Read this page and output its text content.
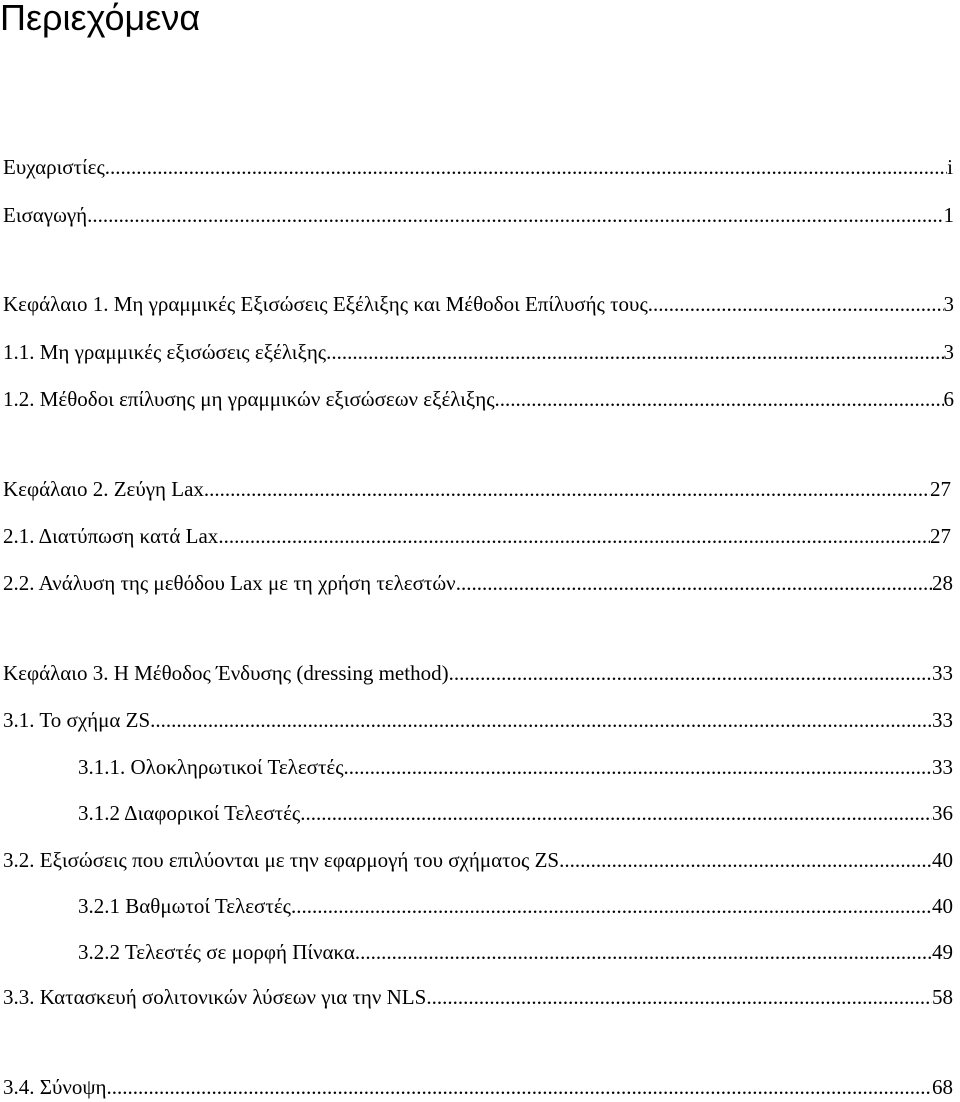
Περιεχόμενα
Ευχαριστίες .....	i
Εισαγωγή .....	1
Κεφάλαιο 1. Μη γραμμικές Εξισώσεις Εξέλιξης και Μέθοδοι Επίλυσής τους .....	3
1.1. Μη γραμμικές εξισώσεις εξέλιξης .....	3
1.2. Μέθοδοι επίλυσης μη γραμμικών εξισώσεων εξέλιξης .....	6
Κεφάλαιο 2. Ζεύγη Lax .....	27
2.1. Διατύπωση κατά Lax .....	27
2.2. Ανάλυση της μεθόδου Lax με τη χρήση τελεστών .....	28
Κεφάλαιο 3. Η Μέθοδος Ένδυσης (dressing method) .....	33
3.1. Το σχήμα ZS .....	33
3.1.1. Ολοκληρωτικοί Τελεστές .....	33
3.1.2 Διαφορικοί Τελεστές .....	36
3.2. Εξισώσεις που επιλύονται με την εφαρμογή του σχήματος ZS .....	40
3.2.1 Βαθμωτοί Τελεστές .....	40
3.2.2 Τελεστές σε μορφή Πίνακα .....	49
3.3. Κατασκευή σολιτονικών λύσεων για την NLS .....	58
3.4. Σύνοψη .....	68
